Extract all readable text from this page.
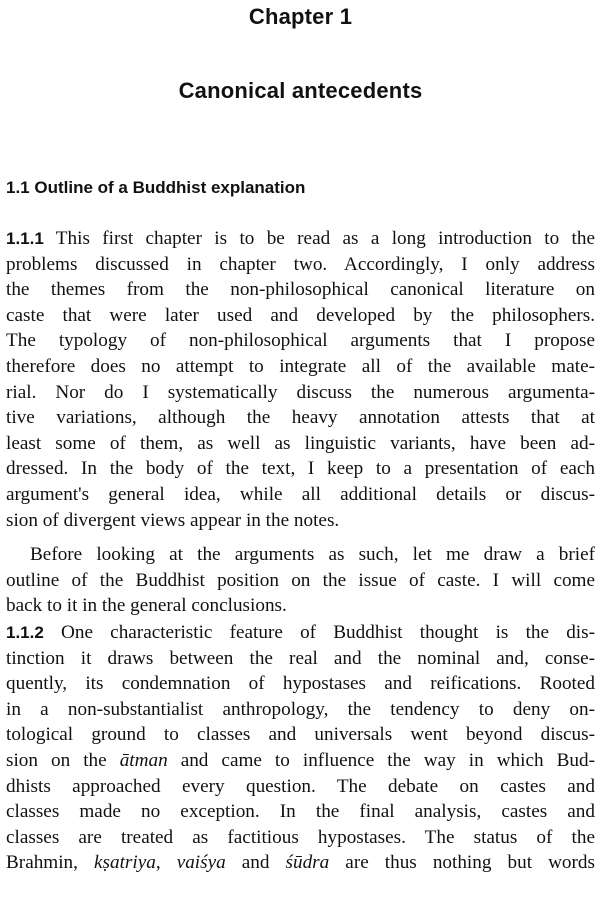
Chapter 1
Canonical antecedents
1.1 Outline of a Buddhist explanation

1.1.1 This first chapter is to be read as a long introduction to the
problems discussed in chapter two. Accordingly, I only address
the themes from the non-philosophical canonical literature on
caste that were later used and developed by the philosophers.
The typology of non-philosophical arguments that I propose
therefore does no attempt to integrate all of the available mate-
rial. Nor do I systematically discuss the numerous argumenta-
tive variations, although the heavy annotation attests that at
least some of them, as well as linguistic variants, have been ad-
dressed. In the body of the text, I keep to a presentation of each
argument's general idea, while all additional details or discus-
sion of divergent views appear in the notes.

Before looking at the arguments as such, let me draw a brief
outline of the Buddhist position on the issue of caste. I will come
back to it in the general conclusions.

1.1.2 One characteristic feature of Buddhist thought is the dis-
tinction it draws between the real and the nominal and, conse-
quently, its condemnation of hypostases and reifications. Rooted
in a non-substantialist anthropology, the tendency to deny on-
tological ground to classes and universals went beyond discus-
sion on the ātman and came to influence the way in which Bud-
dhists approached every question. The debate on castes and
classes made no exception. In the final analysis, castes and
classes are treated as factitious hypostases. The status of the
Brahmin, kṣatriya, vaiśya and śūdra are thus nothing but words
